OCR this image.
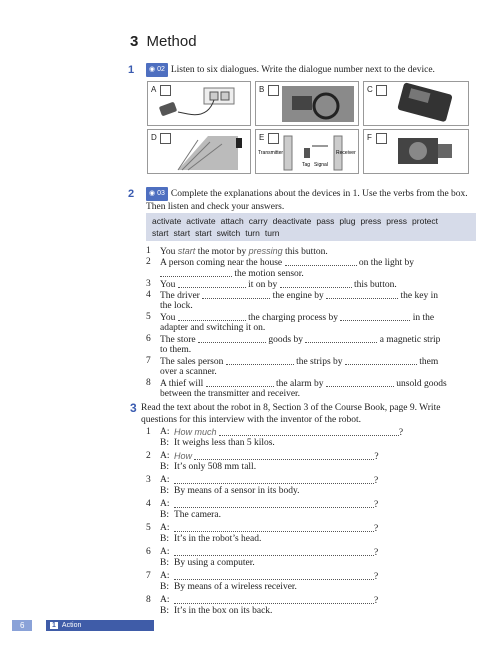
3 Method
1	◉ 02 Listen to six dialogues. Write the dialogue number next to the device.
A	B	C
D	E
Transmitter
Tag Signal
Receiver
F
2	◉ 03 Complete the explanations about the devices in 1. Use the verbs from the box. Then listen and check your answers.
activate activate attach carry deactivate pass plug press press protect
start start start switch turn turn
1 You start the motor by pressing this button.
2 A person coming near the house	on the light by
the motion sensor.
3 You	it on by	this button.
4 The driver	the engine by	the key in
the lock.
5 You	the charging process by	in the
adapter and switching it on.
6 The store	goods by	a magnetic strip
to them.
7 The sales person	the strips by	them
over a scanner.
8 A thief will	the alarm by	unsold goods
between the transmitter and receiver.
3 Read the text about the robot in 8, Section 3 of the Course Book, page 9. Write questions for this interview with the inventor of the robot.
1 A: How much	?
B: It weighs less than 5 kilos.
2 A: How	?
B: It’s only 508 mm tall.
3 A:	?
B: By means of a sensor in its body.
4 A:	?
B: The camera.
5 A:	?
B: It’s in the robot’s head.
6 A:	?
B: By using a computer.
7 A:	?
B: By means of a wireless receiver.
8 A:	?
B: It’s in the box on its back.
6	1 Action
